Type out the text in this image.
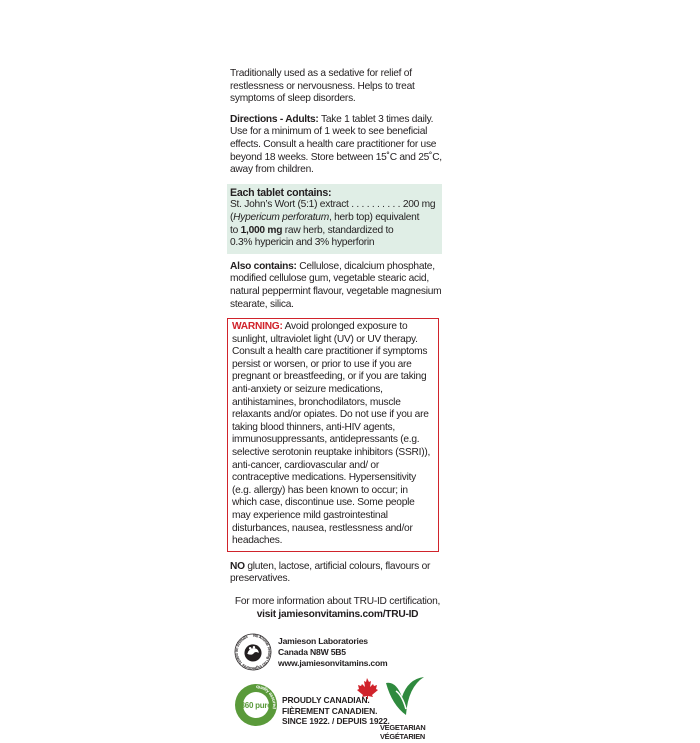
Traditionally used as a sedative for relief of restlessness or nervousness. Helps to treat symptoms of sleep disorders.

Directions - Adults: Take 1 tablet 3 times daily. Use for a minimum of 1 week to see beneficial effects. Consult a health care practitioner for use beyond 18 weeks. Store between 15˚C and 25˚C, away from children.

Each tablet contains:
St. John’s Wort (5:1) extract . . . . . . . . . . 200 mg
(Hypericum perforatum, herb top) equivalent
to 1,000 mg raw herb, standardized to
0.3% hypericin and 3% hyperforin

Also contains: Cellulose, dicalcium phosphate, modified cellulose gum, vegetable stearic acid, natural peppermint flavour, vegetable magnesium stearate, silica.

WARNING: Avoid prolonged exposure to sunlight, ultraviolet light (UV) or UV therapy. Consult a health care practitioner if symptoms persist or worsen, or prior to use if you are pregnant or breastfeeding, or if you are taking anti-anxiety or seizure medications, antihistamines, bronchodilators, muscle relaxants and/or opiates. Do not use if you are taking blood thinners, anti-HIV agents, immunosuppressants, antidepressants (e.g. selective serotonin reuptake inhibitors (SSRI)), anti-cancer, cardiovascular and/ or contraceptive medications. Hypersensitivity (e.g. allergy) has been known to occur; in which case, discontinue use. Some people may experience mild gastrointestinal disturbances, nausea, restlessness and/or headaches.

NO gluten, lactose, artificial colours, flavours or preservatives.

For more information about TRU-ID certification,
visit jamiesonvitamins.com/TRU-ID
No Animal Testing • No Ingredients Tested on Animals	Jamieson Laboratories
Canada N8W 5B5
www.jamiesonvitamins.com
quality assured
360 pure
PROUDLY CANADIAN.
FIÈREMENT CANADIEN.
SINCE 1922. / DEPUIS 1922.
VEGETARIAN
VÉGÉTARIEN
